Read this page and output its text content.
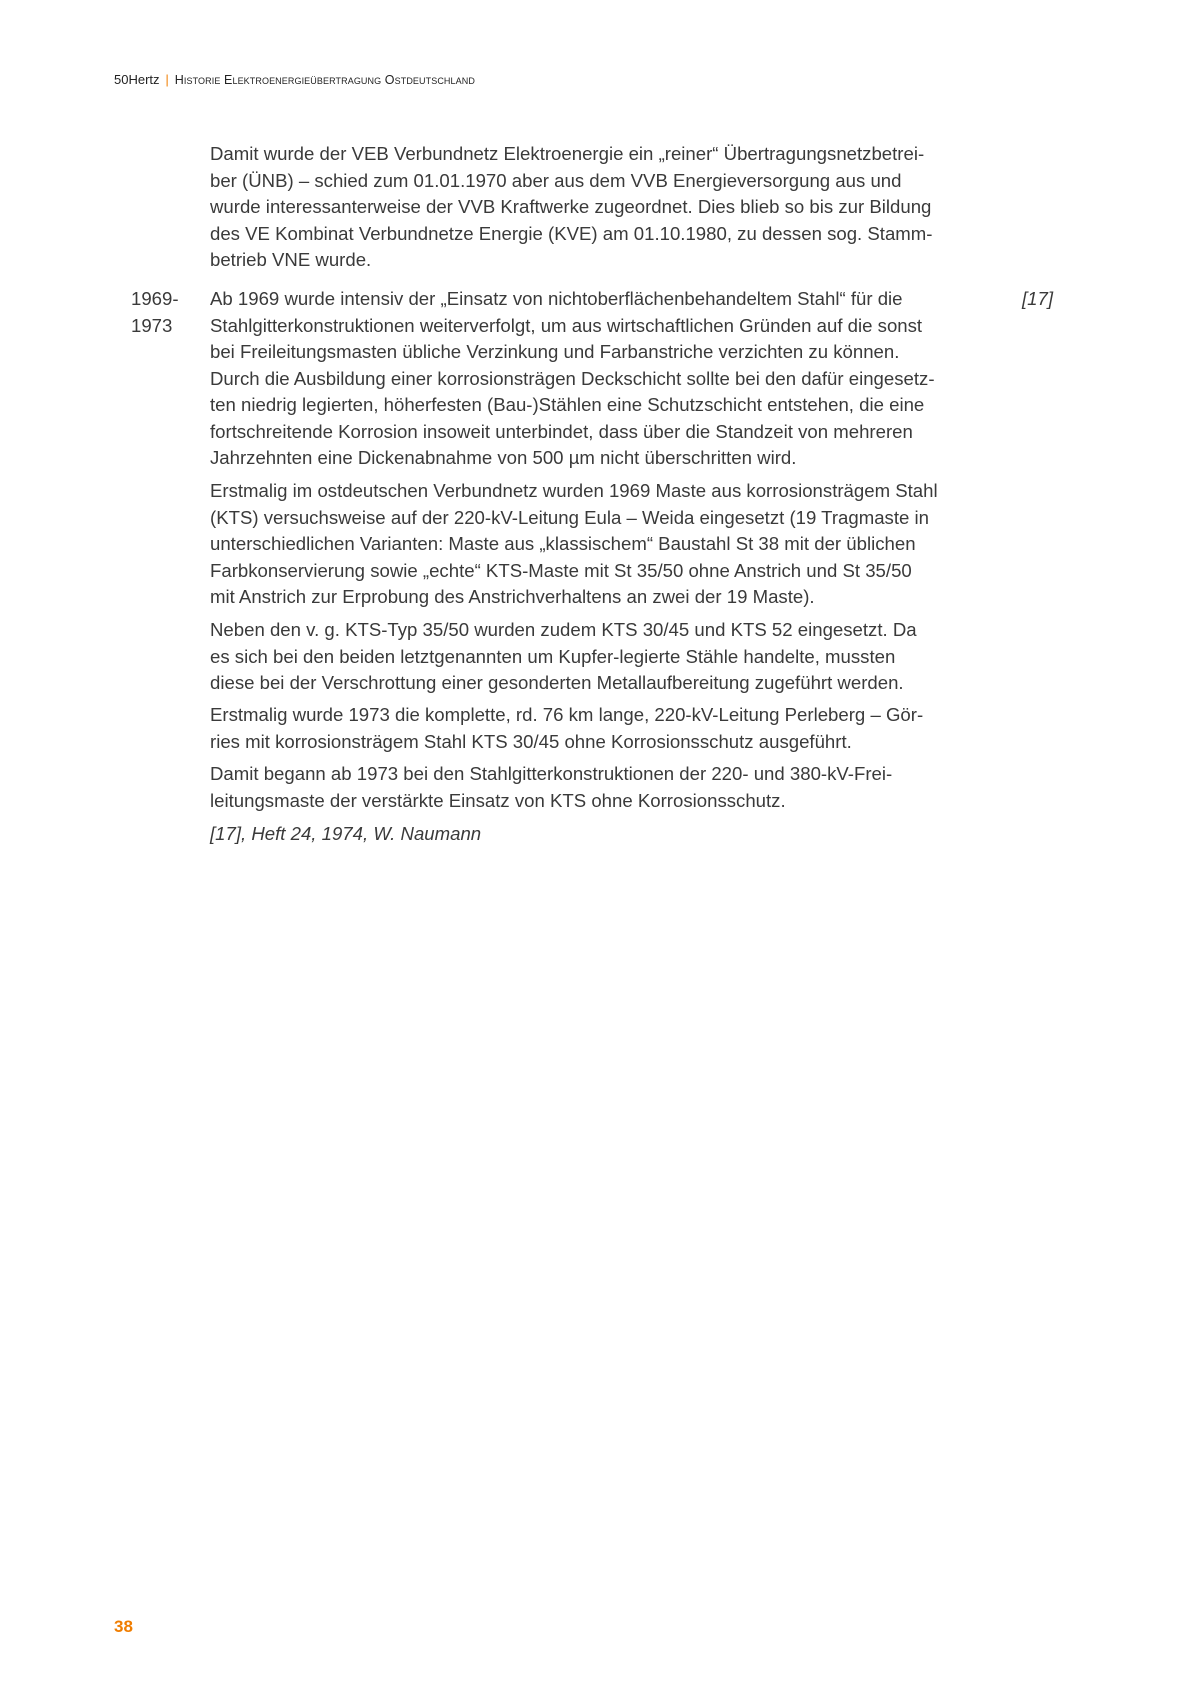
50Hertz | Historie Elektroenergieübertragung Ostdeutschland

Damit wurde der VEB Verbundnetz Elektroenergie ein „reiner“ Übertragungsnetzbetrei-
ber (ÜNB) – schied zum 01.01.1970 aber aus dem VVB Energieversorgung aus und
wurde interessanterweise der VVB Kraftwerke zugeordnet. Dies blieb so bis zur Bildung
des VE Kombinat Verbundnetze Energie (KVE) am 01.10.1980, zu dessen sog. Stamm-
betrieb VNE wurde.

1969-
1973
[17]

Ab 1969 wurde intensiv der „Einsatz von nichtoberflächenbehandeltem Stahl“ für die
Stahlgitterkonstruktionen weiterverfolgt, um aus wirtschaftlichen Gründen auf die sonst
bei Freileitungsmasten übliche Verzinkung und Farbanstriche verzichten zu können.
Durch die Ausbildung einer korrosionsträgen Deckschicht sollte bei den dafür eingesetz-
ten niedrig legierten, höherfesten (Bau-)Stählen eine Schutzschicht entstehen, die eine
fortschreitende Korrosion insoweit unterbindet, dass über die Standzeit von mehreren
Jahrzehnten eine Dickenabnahme von 500 µm nicht überschritten wird.

Erstmalig im ostdeutschen Verbundnetz wurden 1969 Maste aus korrosionsträgem Stahl
(KTS) versuchsweise auf der 220-kV-Leitung Eula – Weida eingesetzt (19 Tragmaste in
unterschiedlichen Varianten: Maste aus „klassischem“ Baustahl St 38 mit der üblichen
Farbkonservierung sowie „echte“ KTS-Maste mit St 35/50 ohne Anstrich und St 35/50
mit Anstrich zur Erprobung des Anstrichverhaltens an zwei der 19 Maste).

Neben den v. g. KTS-Typ 35/50 wurden zudem KTS 30/45 und KTS 52 eingesetzt. Da
es sich bei den beiden letztgenannten um Kupfer-legierte Stähle handelte, mussten
diese bei der Verschrottung einer gesonderten Metallaufbereitung zugeführt werden.

Erstmalig wurde 1973 die komplette, rd. 76 km lange, 220-kV-Leitung Perleberg – Gör-
ries mit korrosionsträgem Stahl KTS 30/45 ohne Korrosionsschutz ausgeführt.

Damit begann ab 1973 bei den Stahlgitterkonstruktionen der 220- und 380-kV-Frei-
leitungsmaste der verstärkte Einsatz von KTS ohne Korrosionsschutz.

[17], Heft 24, 1974, W. Naumann

38
